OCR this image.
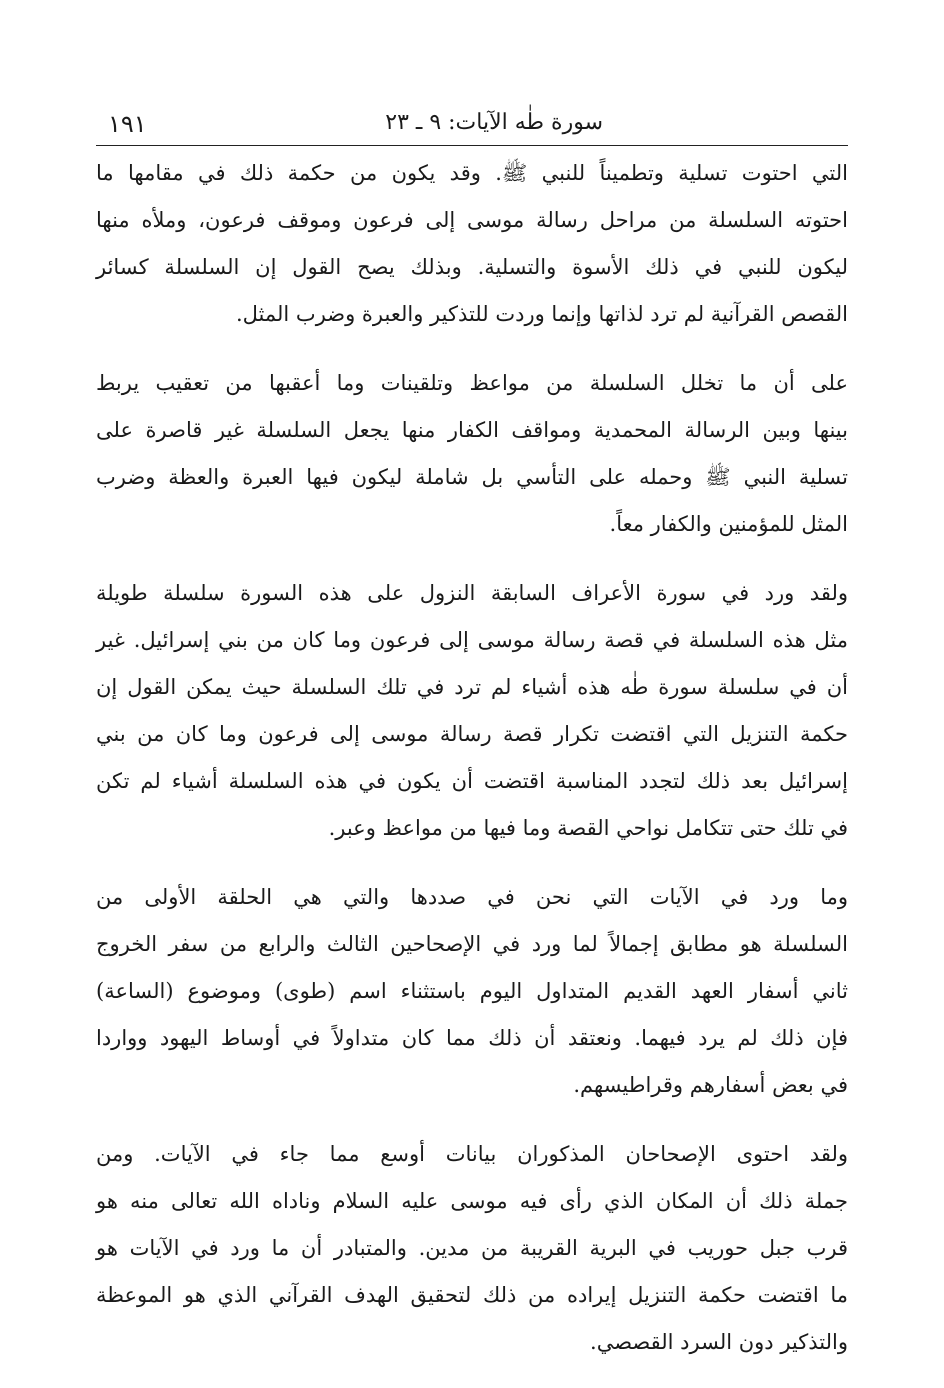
سورة طٰه الآيات: ٩ ـ ٢٣
١٩١
التي احتوت تسلية وتطميناً للنبي ﷺ. وقد يكون من حكمة ذلك في مقامها ما
احتوته السلسلة من مراحل رسالة موسى إلى فرعون وموقف فرعون، وملأه منها
ليكون للنبي في ذلك الأسوة والتسلية. وبذلك يصح القول إن السلسلة كسائر
القصص القرآنية لم ترد لذاتها وإنما وردت للتذكير والعبرة وضرب المثل.
على أن ما تخلل السلسلة من مواعظ وتلقينات وما أعقبها من تعقيب يربط
بينها وبين الرسالة المحمدية ومواقف الكفار منها يجعل السلسلة غير قاصرة على
تسلية النبي ﷺ وحمله على التأسي بل شاملة ليكون فيها العبرة والعظة وضرب
المثل للمؤمنين والكفار معاً.
ولقد ورد في سورة الأعراف السابقة النزول على هذه السورة سلسلة طويلة
مثل هذه السلسلة في قصة رسالة موسى إلى فرعون وما كان من بني إسرائيل. غير
أن في سلسلة سورة طٰه هذه أشياء لم ترد في تلك السلسلة حيث يمكن القول إن
حكمة التنزيل التي اقتضت تكرار قصة رسالة موسى إلى فرعون وما كان من بني
إسرائيل بعد ذلك لتجدد المناسبة اقتضت أن يكون في هذه السلسلة أشياء لم تكن
في تلك حتى تتكامل نواحي القصة وما فيها من مواعظ وعبر.
وما ورد في الآيات التي نحن في صددها والتي هي الحلقة الأولى من
السلسلة هو مطابق إجمالاً لما ورد في الإصحاحين الثالث والرابع من سفر الخروج
ثاني أسفار العهد القديم المتداول اليوم باستثناء اسم (طوى) وموضوع (الساعة)
فإن ذلك لم يرد فيهما. ونعتقد أن ذلك مما كان متداولاً في أوساط اليهود وواردا
في بعض أسفارهم وقراطيسهم.
ولقد احتوى الإصحاحان المذكوران بيانات أوسع مما جاء في الآيات. ومن
جملة ذلك أن المكان الذي رأى فيه موسى عليه السلام وناداه الله تعالى منه هو
قرب جبل حوريب في البرية القريبة من مدين. والمتبادر أن ما ورد في الآيات هو
ما اقتضت حكمة التنزيل إيراده من ذلك لتحقيق الهدف القرآني الذي هو الموعظة
والتذكير دون السرد القصصي.
